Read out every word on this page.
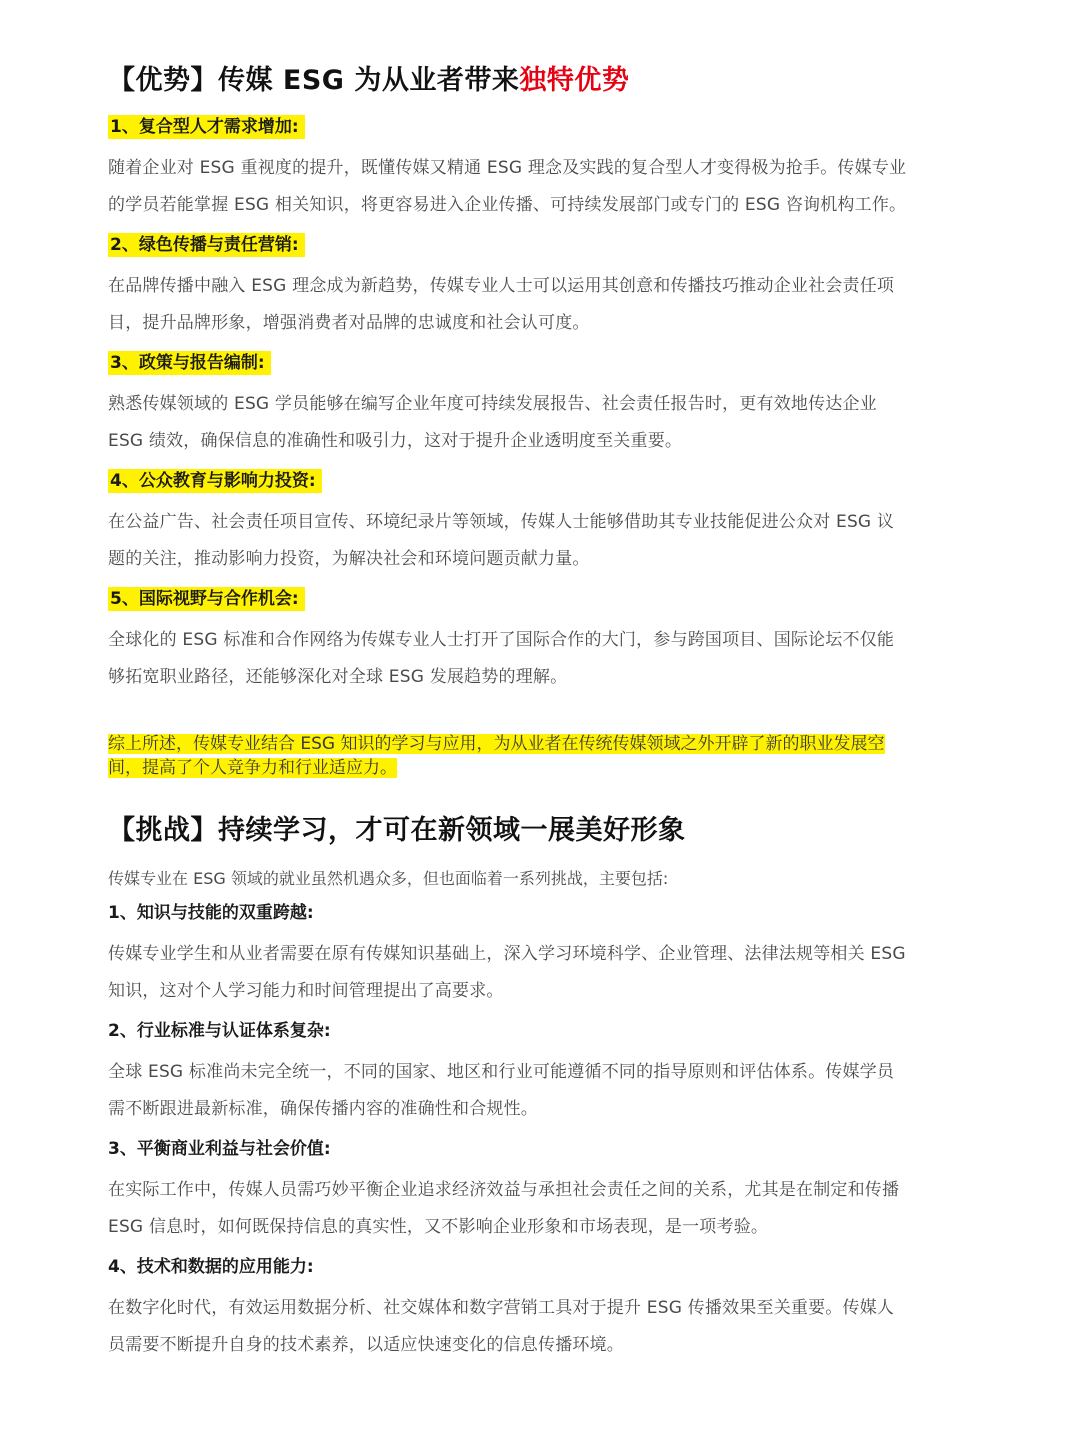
【优势】传媒 ESG 为从业者带来独特优势
1、复合型人才需求增加:

随着企业对 ESG 重视度的提升，既懂传媒又精通 ESG 理念及实践的复合型人才变得极为抢手。传媒专业的学员若能掌握 ESG 相关知识，将更容易进入企业传播、可持续发展部门或专门的 ESG 咨询机构工作。

2、绿色传播与责任营销:

在品牌传播中融入 ESG 理念成为新趋势，传媒专业人士可以运用其创意和传播技巧推动企业社会责任项目，提升品牌形象，增强消费者对品牌的忠诚度和社会认可度。

3、政策与报告编制:

熟悉传媒领域的 ESG 学员能够在编写企业年度可持续发展报告、社会责任报告时，更有效地传达企业 ESG 绩效，确保信息的准确性和吸引力，这对于提升企业透明度至关重要。

4、公众教育与影响力投资:

在公益广告、社会责任项目宣传、环境纪录片等领域，传媒人士能够借助其专业技能促进公众对 ESG 议题的关注，推动影响力投资，为解决社会和环境问题贡献力量。

5、国际视野与合作机会:

全球化的 ESG 标准和合作网络为传媒专业人士打开了国际合作的大门，参与跨国项目、国际论坛不仅能够拓宽职业路径，还能够深化对全球 ESG 发展趋势的理解。

综上所述，传媒专业结合 ESG 知识的学习与应用，为从业者在传统传媒领域之外开辟了新的职业发展空间，提高了个人竞争力和行业适应力。
【挑战】持续学习，才可在新领域一展美好形象

传媒专业在 ESG 领域的就业虽然机遇众多，但也面临着一系列挑战，主要包括:

1、知识与技能的双重跨越:

传媒专业学生和从业者需要在原有传媒知识基础上，深入学习环境科学、企业管理、法律法规等相关 ESG 知识，这对个人学习能力和时间管理提出了高要求。

2、行业标准与认证体系复杂:

全球 ESG 标准尚未完全统一，不同的国家、地区和行业可能遵循不同的指导原则和评估体系。传媒学员需不断跟进最新标准，确保传播内容的准确性和合规性。

3、平衡商业利益与社会价值:

在实际工作中，传媒人员需巧妙平衡企业追求经济效益与承担社会责任之间的关系，尤其是在制定和传播 ESG 信息时，如何既保持信息的真实性，又不影响企业形象和市场表现，是一项考验。

4、技术和数据的应用能力:

在数字化时代，有效运用数据分析、社交媒体和数字营销工具对于提升 ESG 传播效果至关重要。传媒人员需要不断提升自身的技术素养，以适应快速变化的信息传播环境。
